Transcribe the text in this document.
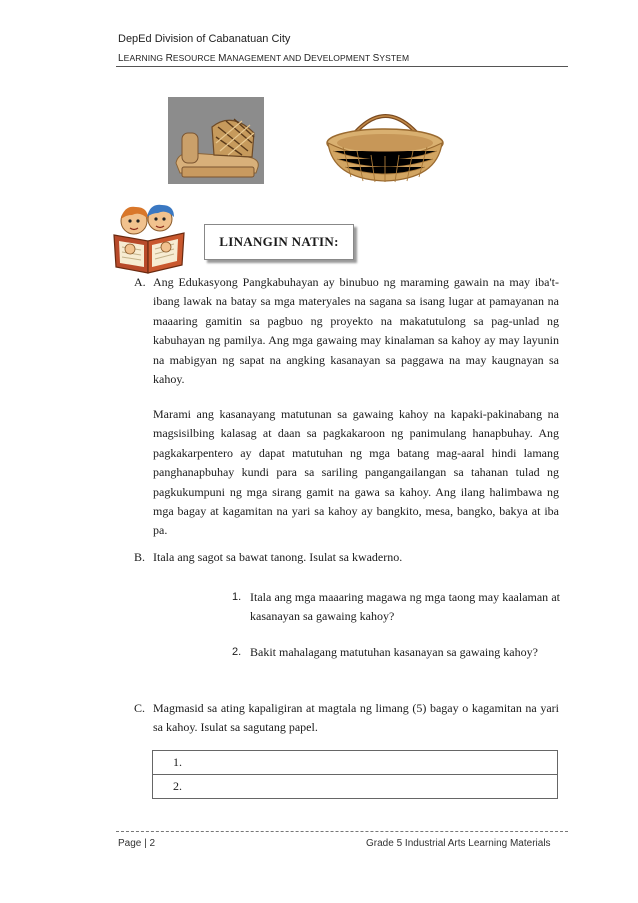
DepEd Division of Cabanatuan City
LEARNING RESOURCE MANAGEMENT AND DEVELOPMENT SYSTEM
LINANGIN NATIN:
A. Ang Edukasyong Pangkabuhayan ay binubuo ng maraming gawain na may iba't- ibang lawak na batay sa mga materyales na sagana sa isang lugar at pamayanan na maaaring gamitin sa pagbuo ng proyekto na makatutulong sa pag-unlad ng kabuhayan ng pamilya. Ang mga gawaing may kinalaman sa kahoy ay may layunin na mabigyan ng sapat na angking kasanayan sa paggawa na may kaugnayan sa kahoy.
Marami ang kasanayang matutunan sa gawaing kahoy na kapaki-pakinabang na magsisilbing kalasag at daan sa pagkakaroon ng panimulang hanapbuhay. Ang pagkakarpentero ay dapat matutuhan ng mga batang mag-aaral hindi lamang panghanapbuhay kundi para sa sariling pangangailangan sa tahanan tulad ng pagkukumpuni ng mga sirang gamit na gawa sa kahoy. Ang ilang halimbawa ng mga bagay at kagamitan na yari sa kahoy ay bangkito, mesa, bangko, bakya at iba pa.
B. Itala ang sagot sa bawat tanong. Isulat sa kwaderno.
1. Itala ang mga maaaring magawa ng mga taong may kaalaman at kasanayan sa gawaing kahoy?
2. Bakit mahalagang matutuhan kasanayan sa gawaing kahoy?
C. Magmasid sa ating kapaligiran at magtala ng limang (5) bagay o kagamitan na yari sa kahoy. Isulat sa sagutang papel.
1.
2.
Page | 2	Grade 5 Industrial Arts Learning Materials
